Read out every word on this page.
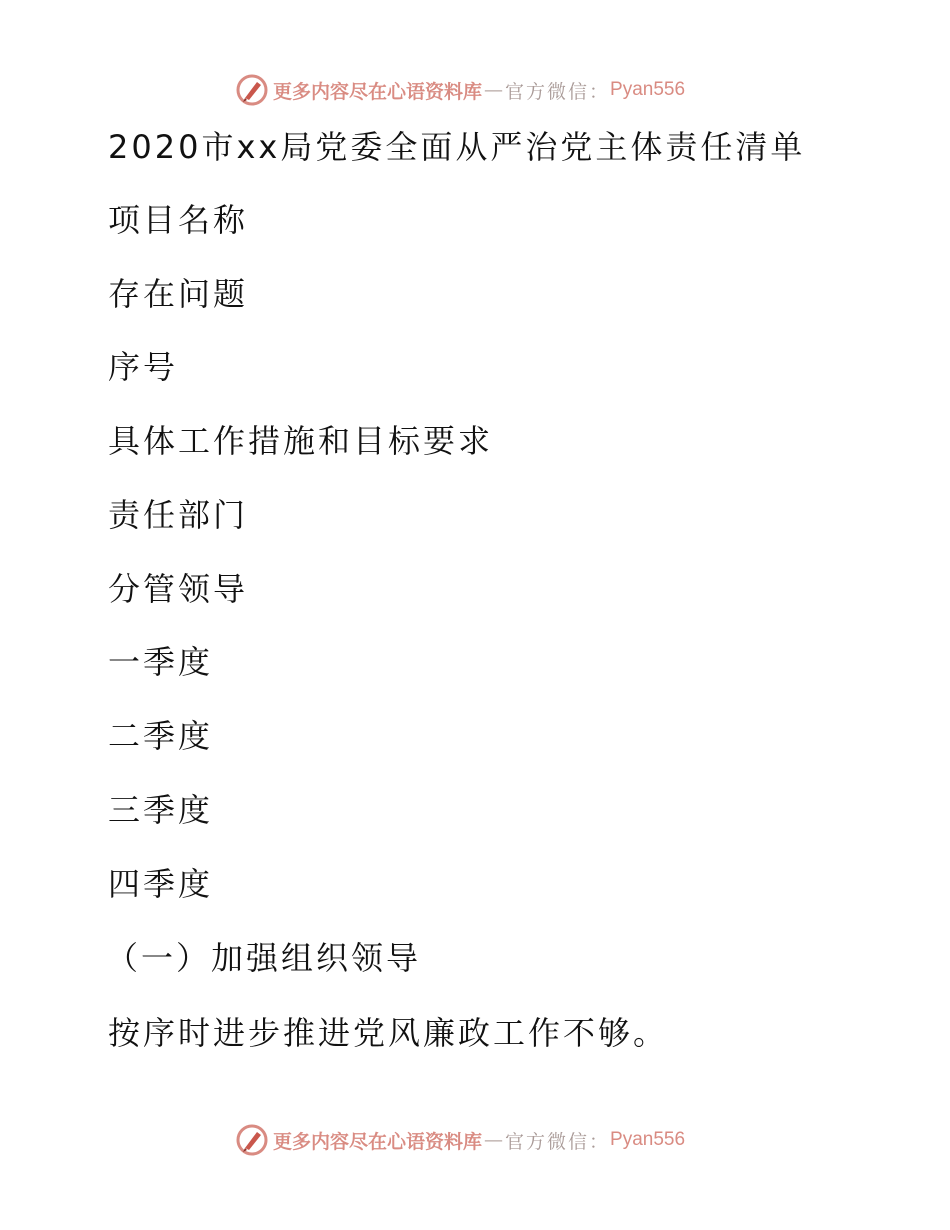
更多内容尽在心语资料库 — 官方微信： Pyan556
2020市xx局党委全面从严治党主体责任清单
项目名称
存在问题
序号
具体工作措施和目标要求
责任部门
分管领导
一季度
二季度
三季度
四季度
（一）加强组织领导
按序时进步推进党风廉政工作不够。
更多内容尽在心语资料库 — 官方微信： Pyan556
